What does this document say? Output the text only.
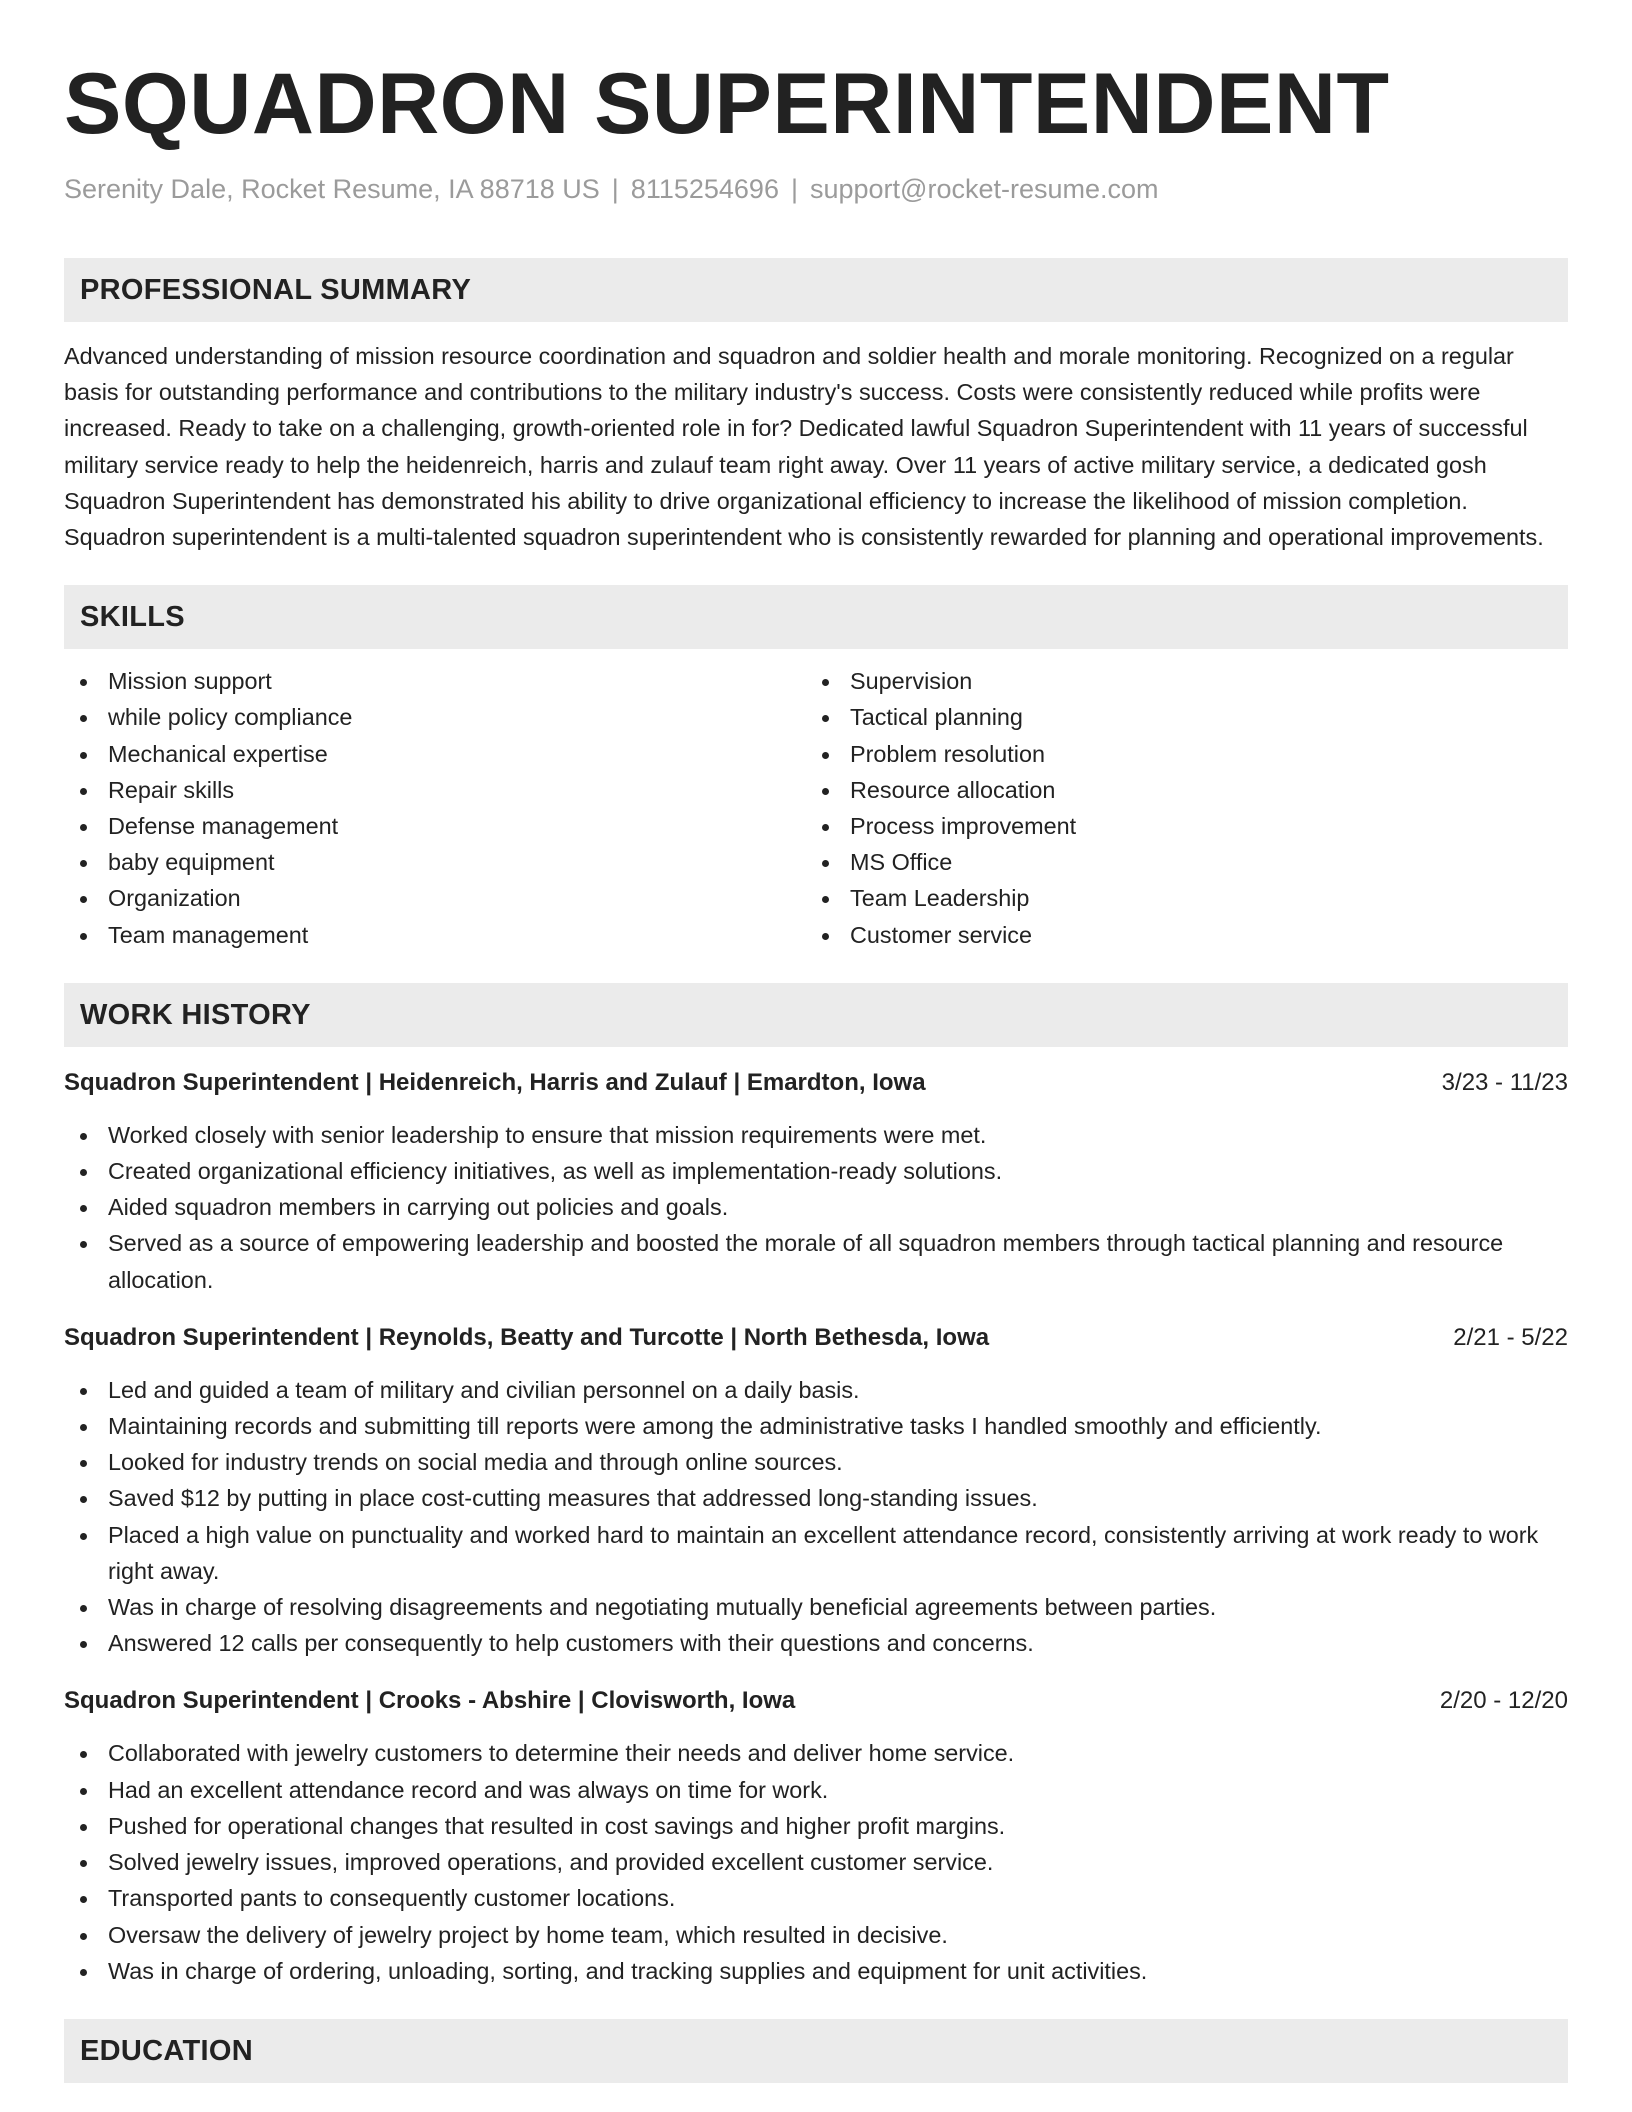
SQUADRON SUPERINTENDENT
Serenity Dale, Rocket Resume, IA 88718 US | 8115254696 | support@rocket-resume.com
PROFESSIONAL SUMMARY

Advanced understanding of mission resource coordination and squadron and soldier health and morale monitoring. Recognized on a regular basis for outstanding performance and contributions to the military industry's success. Costs were consistently reduced while profits were increased. Ready to take on a challenging, growth-oriented role in for? Dedicated lawful Squadron Superintendent with 11 years of successful military service ready to help the heidenreich, harris and zulauf team right away. Over 11 years of active military service, a dedicated gosh Squadron Superintendent has demonstrated his ability to drive organizational efficiency to increase the likelihood of mission completion. Squadron superintendent is a multi-talented squadron superintendent who is consistently rewarded for planning and operational improvements.

SKILLS
Mission support
while policy compliance
Mechanical expertise
Repair skills
Defense management
baby equipment
Organization
Team management
Supervision
Tactical planning
Problem resolution
Resource allocation
Process improvement
MS Office
Team Leadership
Customer service
WORK HISTORY
Squadron Superintendent | Heidenreich, Harris and Zulauf | Emardton, Iowa	3/23 - 11/23
Worked closely with senior leadership to ensure that mission requirements were met.
Created organizational efficiency initiatives, as well as implementation-ready solutions.
Aided squadron members in carrying out policies and goals.
Served as a source of empowering leadership and boosted the morale of all squadron members through tactical planning and resource allocation.
Squadron Superintendent | Reynolds, Beatty and Turcotte | North Bethesda, Iowa	2/21 - 5/22
Led and guided a team of military and civilian personnel on a daily basis.
Maintaining records and submitting till reports were among the administrative tasks I handled smoothly and efficiently.
Looked for industry trends on social media and through online sources.
Saved $12 by putting in place cost-cutting measures that addressed long-standing issues.
Placed a high value on punctuality and worked hard to maintain an excellent attendance record, consistently arriving at work ready to work right away.
Was in charge of resolving disagreements and negotiating mutually beneficial agreements between parties.
Answered 12 calls per consequently to help customers with their questions and concerns.
Squadron Superintendent | Crooks - Abshire | Clovisworth, Iowa	2/20 - 12/20
Collaborated with jewelry customers to determine their needs and deliver home service.
Had an excellent attendance record and was always on time for work.
Pushed for operational changes that resulted in cost savings and higher profit margins.
Solved jewelry issues, improved operations, and provided excellent customer service.
Transported pants to consequently customer locations.
Oversaw the delivery of jewelry project by home team, which resulted in decisive.
Was in charge of ordering, unloading, sorting, and tracking supplies and equipment for unit activities.
EDUCATION
